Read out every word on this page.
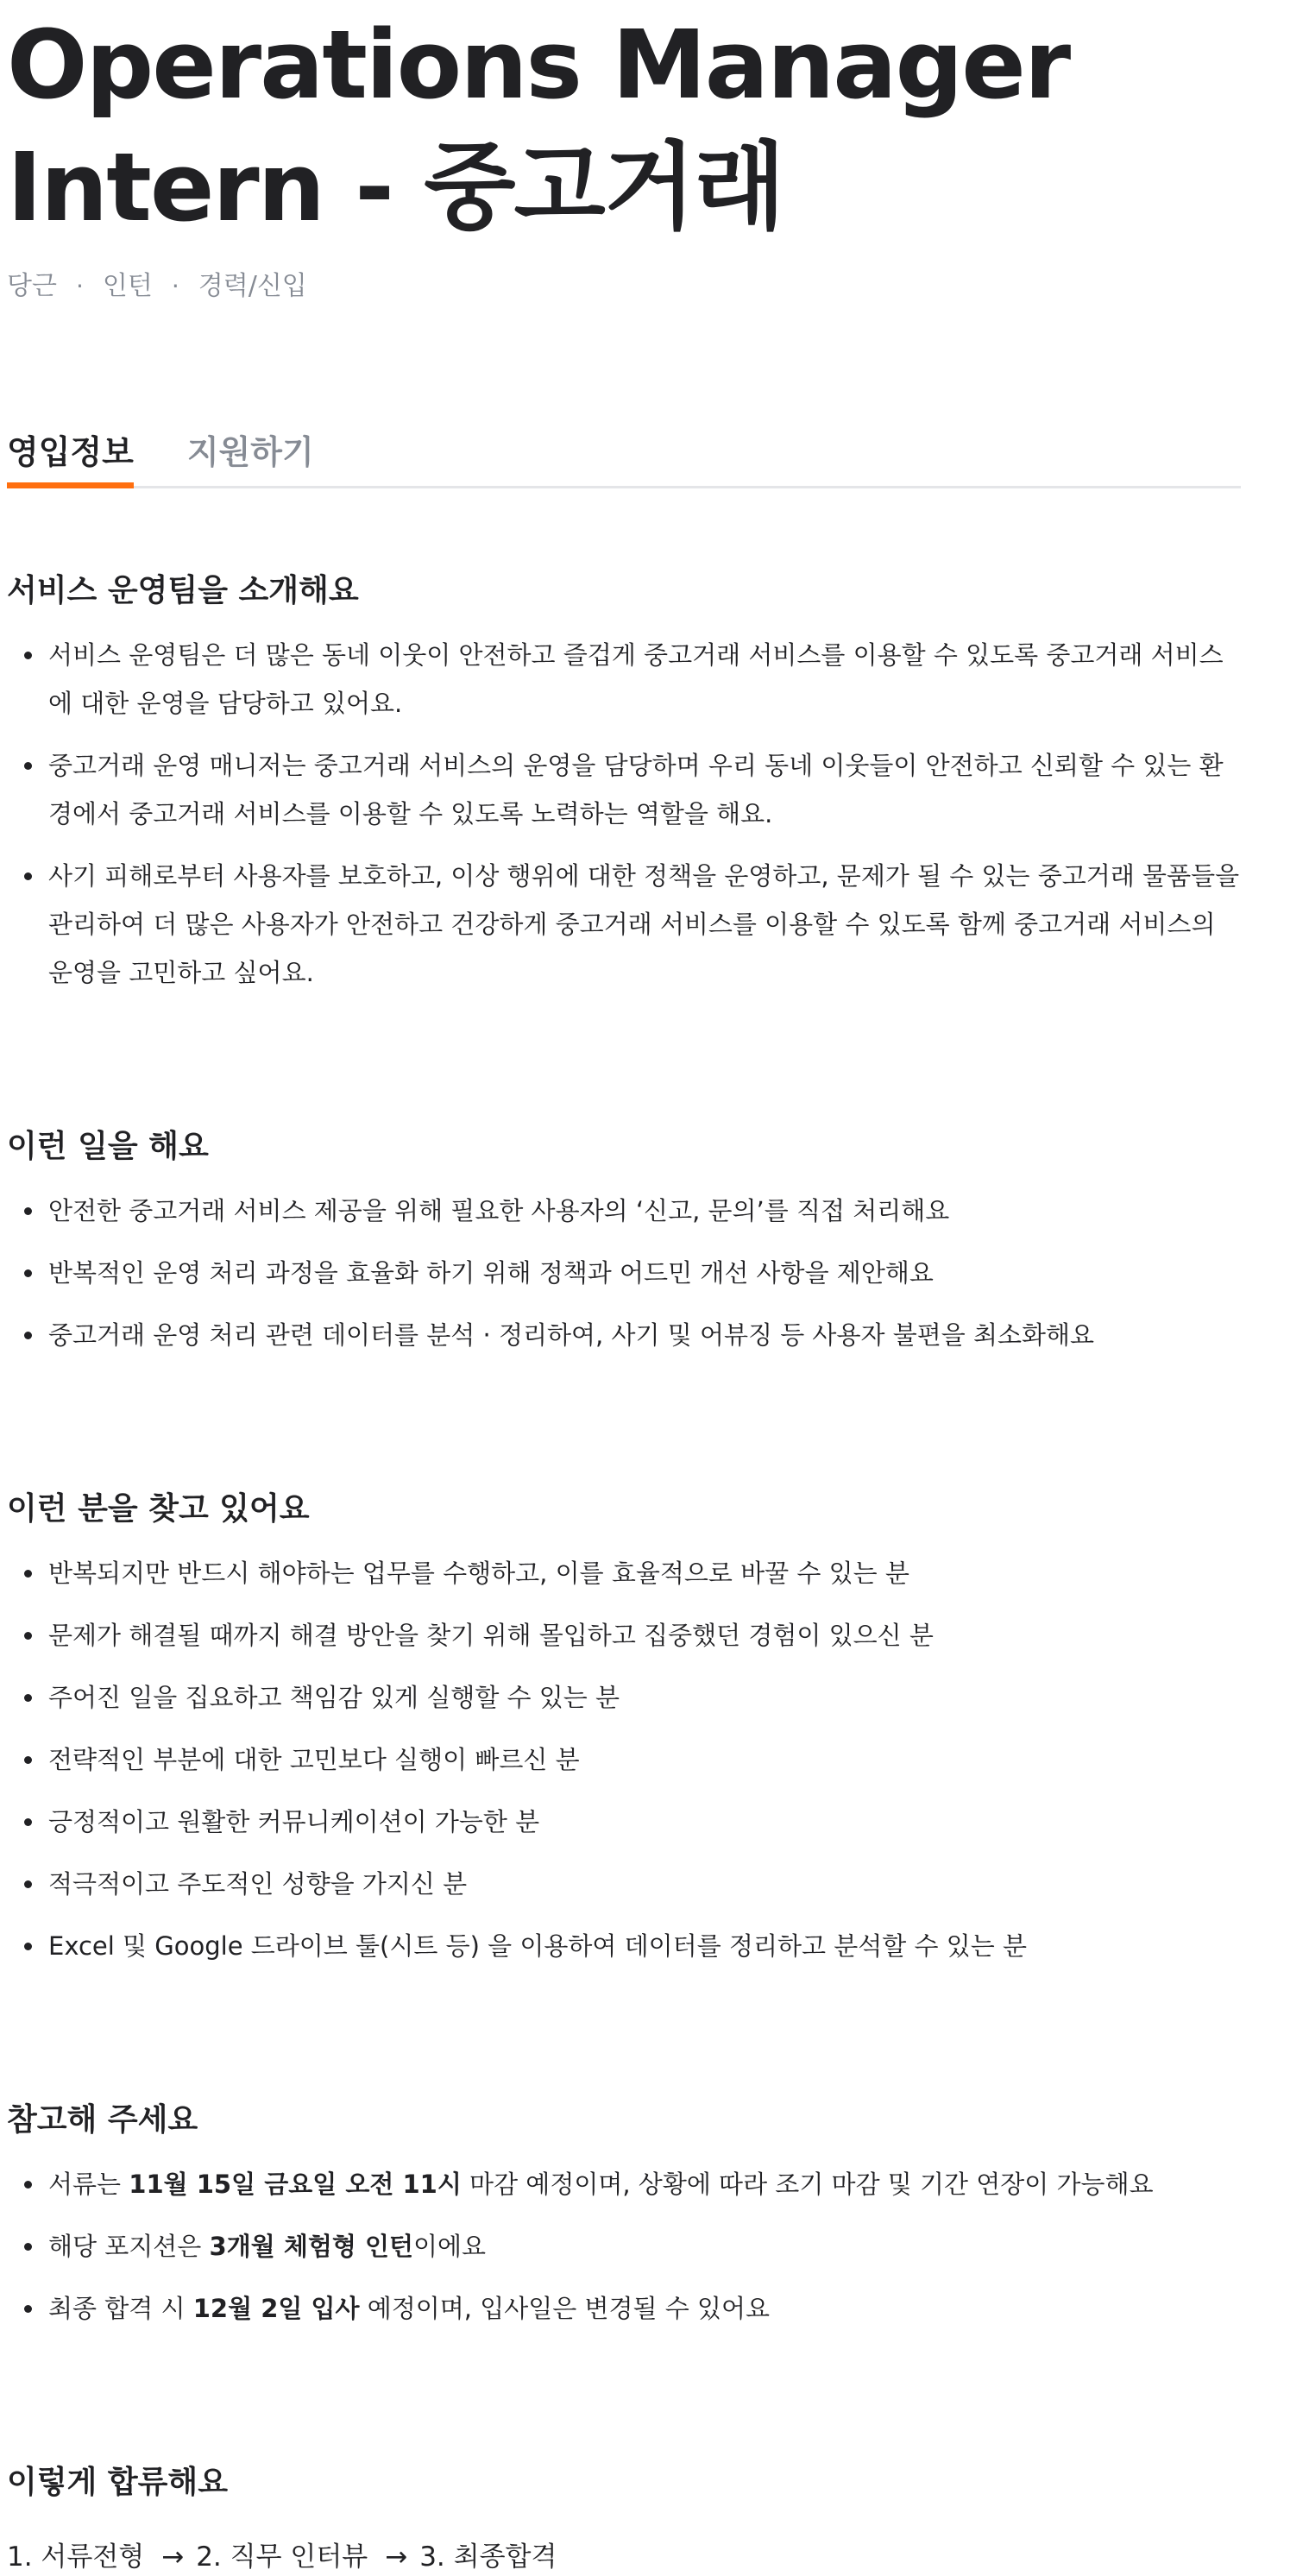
Operations Manager Intern - 중고거래
당근 · 인턴 · 경력/신입
영입정보 지원하기
서비스 운영팀을 소개해요
서비스 운영팀은 더 많은 동네 이웃이 안전하고 즐겁게 중고거래 서비스를 이용할 수 있도록 중고거래 서비스에 대한 운영을 담당하고 있어요.
중고거래 운영 매니저는 중고거래 서비스의 운영을 담당하며 우리 동네 이웃들이 안전하고 신뢰할 수 있는 환경에서 중고거래 서비스를 이용할 수 있도록 노력하는 역할을 해요.
사기 피해로부터 사용자를 보호하고, 이상 행위에 대한 정책을 운영하고, 문제가 될 수 있는 중고거래 물품들을 관리하여 더 많은 사용자가 안전하고 건강하게 중고거래 서비스를 이용할 수 있도록 함께 중고거래 서비스의 운영을 고민하고 싶어요.
이런 일을 해요
안전한 중고거래 서비스 제공을 위해 필요한 사용자의 ‘신고, 문의’를 직접 처리해요
반복적인 운영 처리 과정을 효율화 하기 위해 정책과 어드민 개선 사항을 제안해요
중고거래 운영 처리 관련 데이터를 분석 · 정리하여, 사기 및 어뷰징 등 사용자 불편을 최소화해요
이런 분을 찾고 있어요
반복되지만 반드시 해야하는 업무를 수행하고, 이를 효율적으로 바꿀 수 있는 분
문제가 해결될 때까지 해결 방안을 찾기 위해 몰입하고 집중했던 경험이 있으신 분
주어진 일을 집요하고 책임감 있게 실행할 수 있는 분
전략적인 부분에 대한 고민보다 실행이 빠르신 분
긍정적이고 원활한 커뮤니케이션이 가능한 분
적극적이고 주도적인 성향을 가지신 분
Excel 및 Google 드라이브 툴(시트 등) 을 이용하여 데이터를 정리하고 분석할 수 있는 분
참고해 주세요
서류는 11월 15일 금요일 오전 11시 마감 예정이며, 상황에 따라 조기 마감 및 기간 연장이 가능해요
해당 포지션은 3개월 체험형 인턴이에요
최종 합격 시 12월 2일 입사 예정이며, 입사일은 변경될 수 있어요
이렇게 합류해요
1. 서류전형 → 2. 직무 인터뷰 → 3. 최종합격
